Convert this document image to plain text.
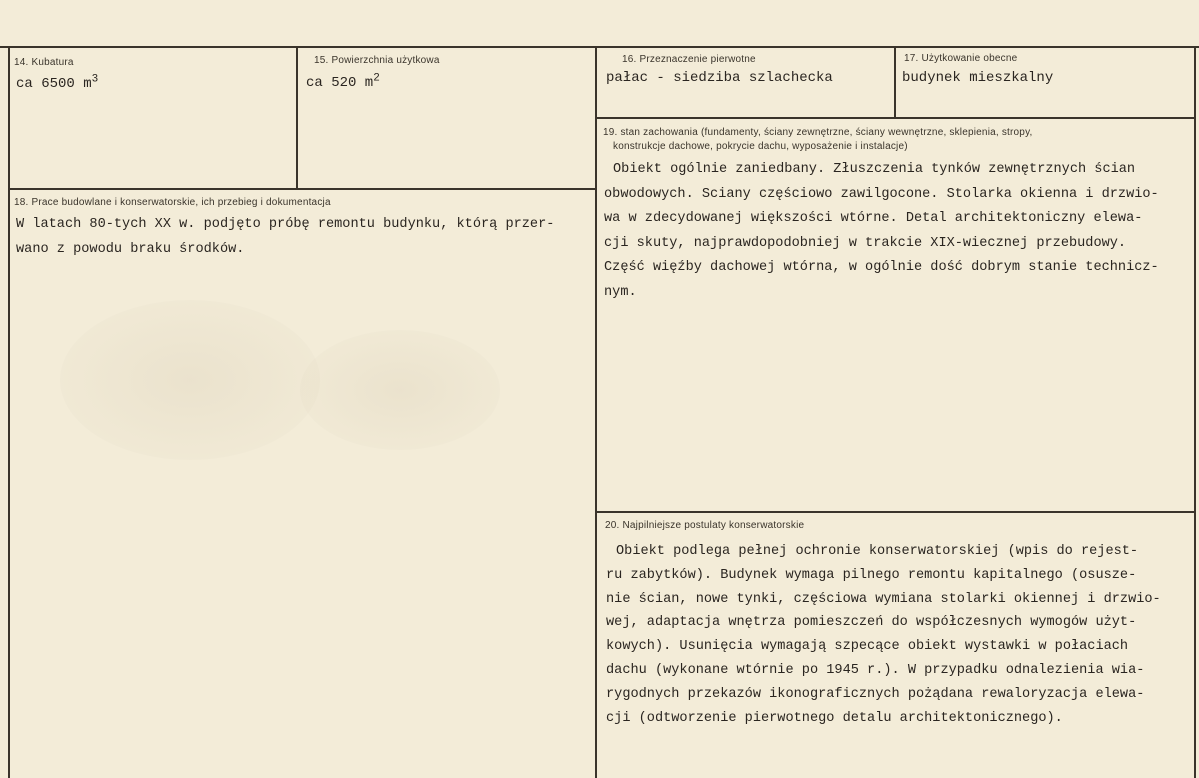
14. Kubatura
ca 6500 $m^3$
15. Powierzchnia użytkowa
ca 520 $m^2$
16. Przeznaczenie pierwotne
pałac - siedziba szlachecka
17. Użytkowanie obecne
budynek mieszkalny
18. Prace budowlane i konserwatorskie, ich przebieg i dokumentacja
W latach 80-tych XX w. podjęto próbę remontu budynku, którą przer-
wano z powodu braku środków.
19. stan zachowania (fundamenty, ściany zewnętrzne, ściany wewnętrzne, sklepienia, stropy,
konstrukcje dachowe, pokrycie dachu, wyposażenie i instalacje)
Obiekt ogólnie zaniedbany. Złuszczenia tynków zewnętrznych ścian
obwodowych. Sciany częściowo zawilgocone. Stolarka okienna i drzwio-
wa w zdecydowanej większości wtórne. Detal architektoniczny elewa-
cji skuty, najprawdopodobniej w trakcie XIX-wiecznej przebudowy.
Część więźby dachowej wtórna, w ogólnie dość dobrym stanie technicz-
nym.
20. Najpilniejsze postulaty konserwatorskie
Obiekt podlega pełnej ochronie konserwatorskiej (wpis do rejest-
ru zabytków). Budynek wymaga pilnego remontu kapitalnego (osusze-
nie ścian, nowe tynki, częściowa wymiana stolarki okiennej i drzwio-
wej, adaptacja wnętrza pomieszczeń do współczesnych wymogów użyt-
kowych). Usunięcia wymagają szpecące obiekt wystawki w połaciach
dachu (wykonane wtórnie po 1945 r.). W przypadku odnalezienia wia-
rygodnych przekazów ikonograficznych pożądana rewaloryzacja elewa-
cji (odtworzenie pierwotnego detalu architektonicznego).
